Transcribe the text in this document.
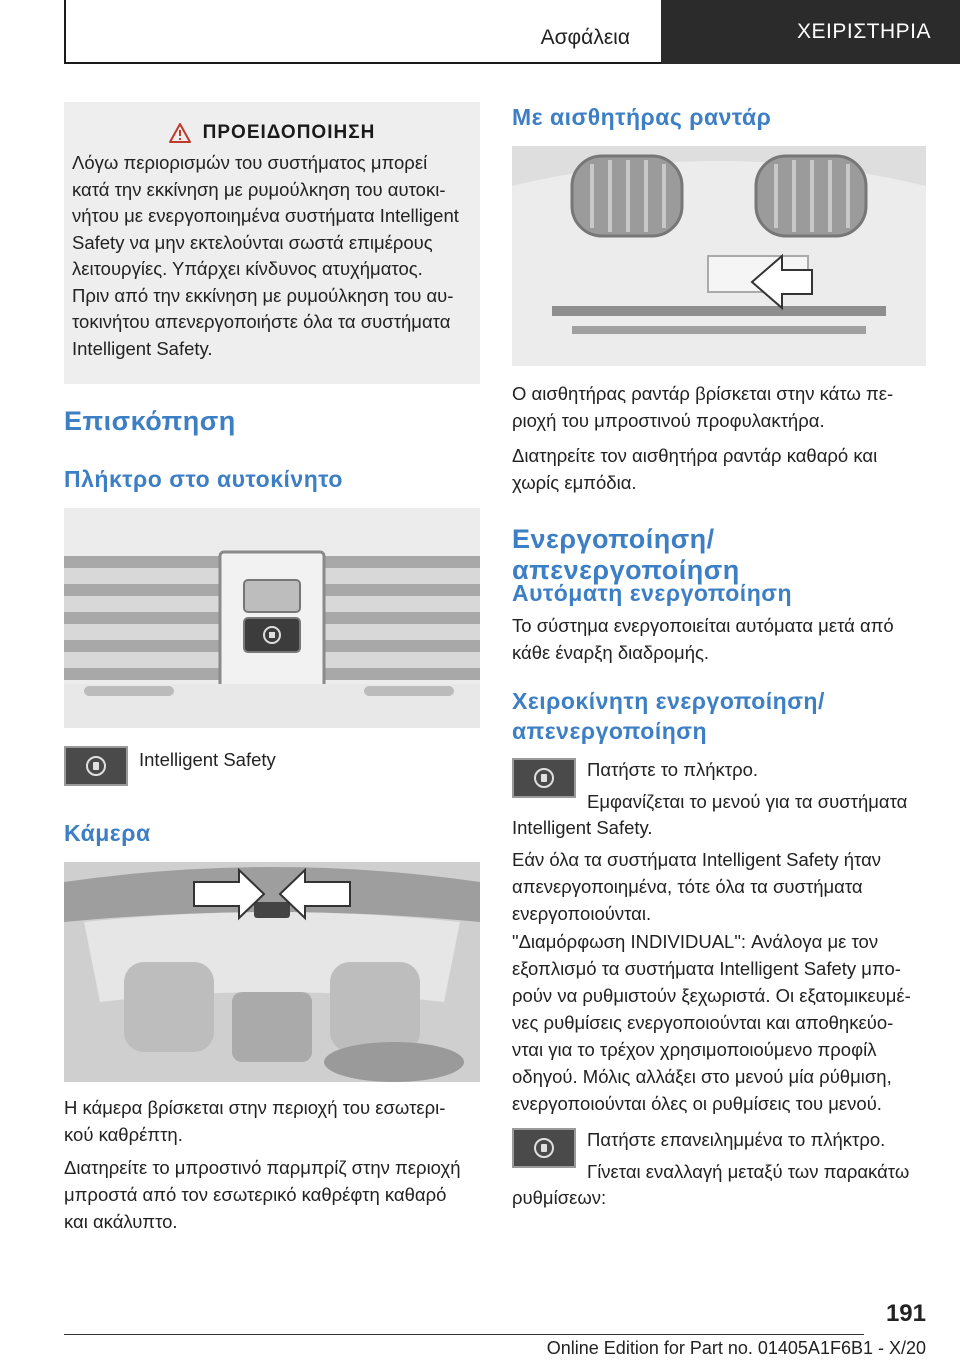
Ασφάλεια	ΧΕΙΡΙΣΤΗΡΙΑ
ΠΡΟΕΙΔΟΠΟΙΗΣΗ
Λόγω περιορισμών του συστήματος μπορεί
κατά την εκκίνηση με ρυμούλκηση του αυτοκι-
νήτου με ενεργοποιημένα συστήματα Intelligent
Safety να μην εκτελούνται σωστά επιμέρους
λειτουργίες. Υπάρχει κίνδυνος ατυχήματος.
Πριν από την εκκίνηση με ρυμούλκηση του αυ-
τοκινήτου απενεργοποιήστε όλα τα συστήματα
Intelligent Safety.
Επισκόπηση
Πλήκτρο στο αυτοκίνητο
Intelligent Safety
Κάμερα
Η κάμερα βρίσκεται στην περιοχή του εσωτερι-
κού καθρέπτη.
Διατηρείτε το μπροστινό παρμπρίζ στην περιοχή
μπροστά από τον εσωτερικό καθρέφτη καθαρό
και ακάλυπτο.
Με αισθητήρας ραντάρ
Ο αισθητήρας ραντάρ βρίσκεται στην κάτω πε-
ριοχή του μπροστινού προφυλακτήρα.
Διατηρείτε τον αισθητήρα ραντάρ καθαρό και
χωρίς εμπόδια.
Ενεργοποίηση/απενεργοποίηση
Αυτόματη ενεργοποίηση
Το σύστημα ενεργοποιείται αυτόματα μετά από
κάθε έναρξη διαδρομής.
Χειροκίνητη ενεργοποίηση/
απενεργοποίηση
Πατήστε το πλήκτρο.
Εμφανίζεται το μενού για τα συστήματα
Intelligent Safety.
Εάν όλα τα συστήματα Intelligent Safety ήταν
απενεργοποιημένα, τότε όλα τα συστήματα
ενεργοποιούνται.
"Διαμόρφωση INDIVIDUAL": Ανάλογα με τον
εξοπλισμό τα συστήματα Intelligent Safety μπο-
ρούν να ρυθμιστούν ξεχωριστά. Οι εξατομικευμέ-
νες ρυθμίσεις ενεργοποιούνται και αποθηκεύο-
νται για το τρέχον χρησιμοποιούμενο προφίλ
οδηγού. Μόλις αλλάξει στο μενού μία ρύθμιση,
ενεργοποιούνται όλες οι ρυθμίσεις του μενού.
Πατήστε επανειλημμένα το πλήκτρο.
Γίνεται εναλλαγή μεταξύ των παρακάτω
ρυθμίσεων:
191
Online Edition for Part no. 01405A1F6B1 - X/20
